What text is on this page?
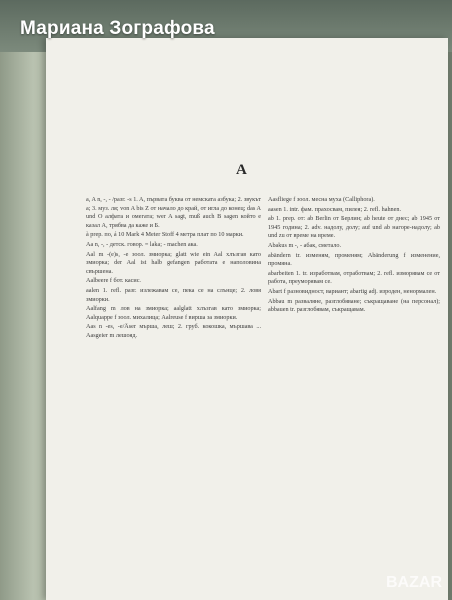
Мариана Зографова
A

a, A n, -, - /разг. -s 1. A, първата буква от немската азбука; 2. звукът а; 3. муз. ля; von A bis Z от начало до край, от игла до конец; das A und O алфата и омегата; wer A sagt, muß auch B sagen който е казал А, трябва да каже и Б.

à prep. по, á 10 Mark 4 Meter Stoff 4 метра плат по 10 марки.

Aa n, -, - детск. говор. = laka; - machen ака.

Aal m -(e)s, -e зоол. змиорка; glatt wie ein Aal хлъзгав като змиорка; der Aal ist halb gefangen работата е наполовина свършена.

Aalbeere f бот. касис.

aalen 1. refl. разг. излежавам се, пека се на слънце; 2. ловя змиорки.

Aalfang m лов на змиорка; aalglatt хлъзгав като змиорка; Aalquappe f зоол. михалица; Aalreuse f вирша за змиорки.

Aas n -es, -e/Äser мърша, леш; 2. груб. кокошка, мършава ... Aasgeier m лешояд.

Aasfliege f зоол. месна муха (Calliphora).

aasen 1. intr. фам. прахосвам, пилея; 2. refl. hahnen.

ab 1. prep. от: ab Berlin от Берлин; ab heute от днес; ab 1945 от 1945 година; 2. adv. надолу, долу; auf und ab нагоре-надолу; ab und zu от време на време.

Abakus m -, - абак, сметало.

abändern tr. изменям, променям; Abänderung f изменение, промяна.

abarbeiten 1. tr. изработвам, отработвам; 2. refl. изморявам се от работа, преуморявам се.

Abart f разновидност, вариант; abartig adj. изроден, ненормален.

Abbau m разваляне, разглобяване; съкращаване (на персонал); abbauen tr. разглобявам, съкращавам.

BAZAR
